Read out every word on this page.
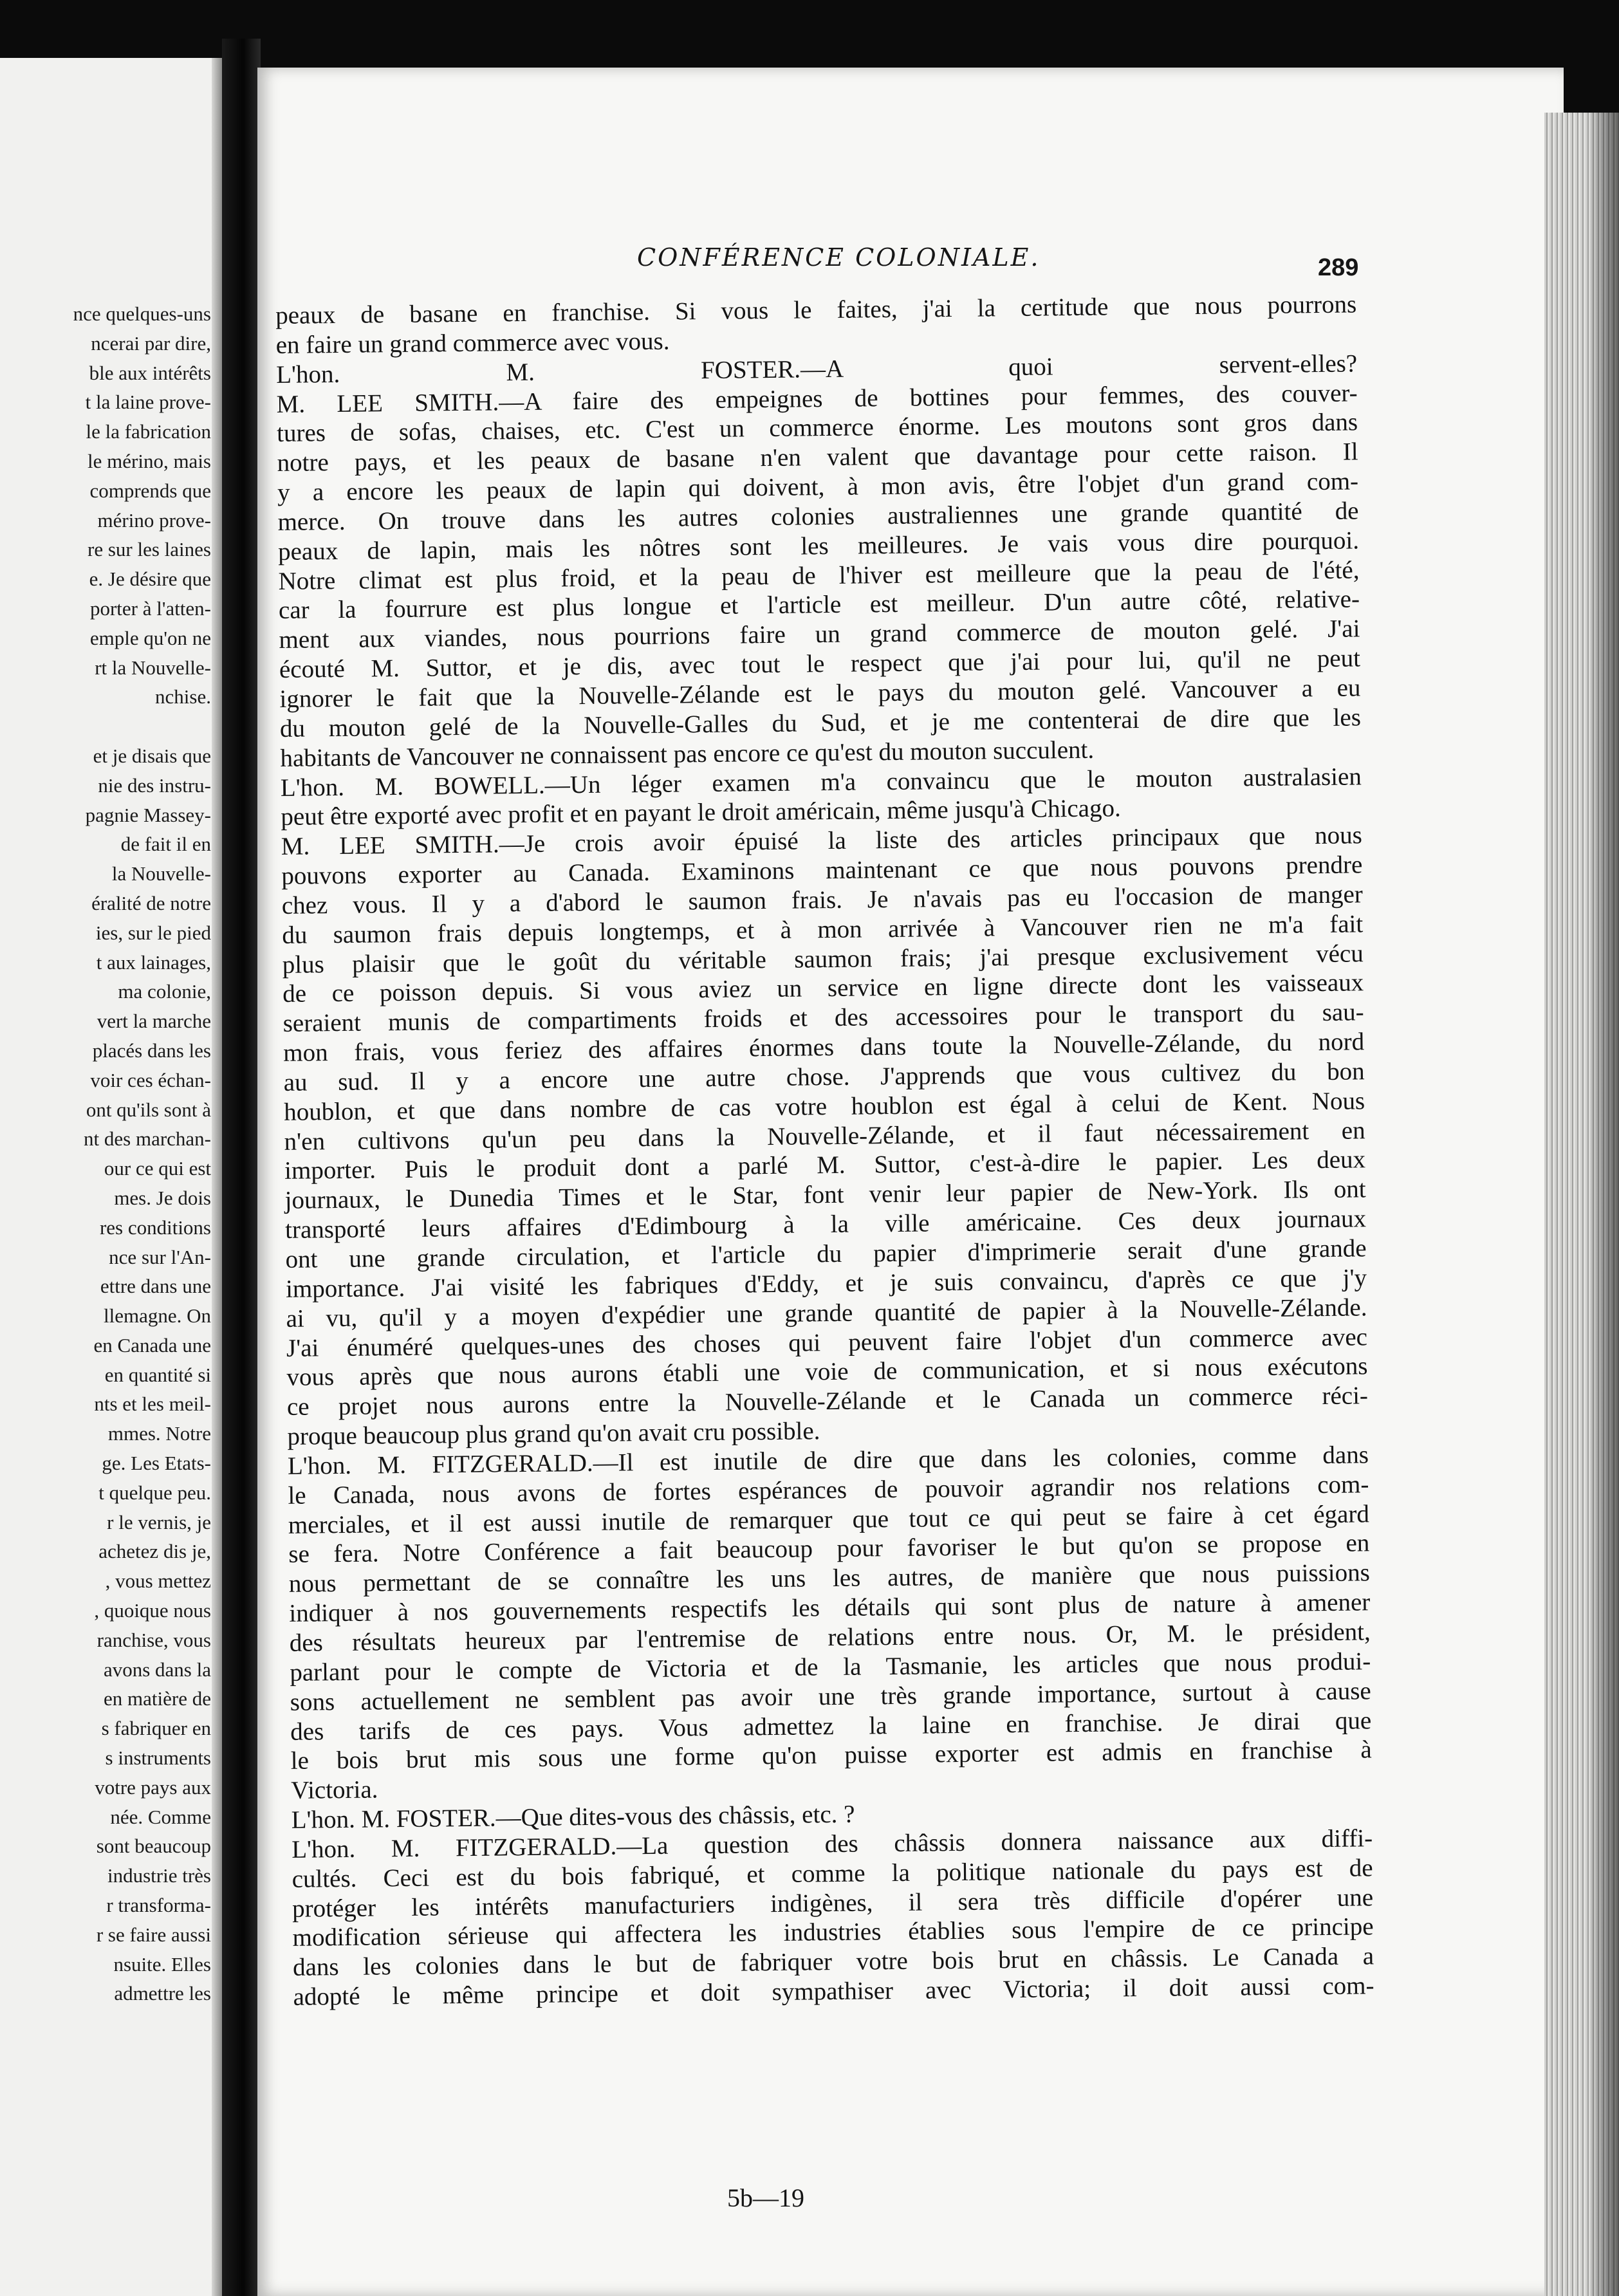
nce quelques-uns
ncerai par dire,
ble aux intérêts
t la laine prove-
le la fabrication
le mérino, mais
comprends que
mérino prove-
re sur les laines
e. Je désire que
porter à l'atten-
emple qu'on ne
rt la Nouvelle-
nchise.
et je disais que
nie des instru-
pagnie Massey-
de fait il en
la Nouvelle-
éralité de notre
ies, sur le pied
t aux lainages,
ma colonie,
vert la marche
placés dans les
voir ces échan-
ont qu'ils sont à
nt des marchan-
our ce qui est
mes. Je dois
res conditions
nce sur l'An-
ettre dans une
llemagne. On
en Canada une
en quantité si
nts et les meil-
mmes. Notre
ge. Les Etats-
t quelque peu.
r le vernis, je
achetez dis je,
, vous mettez
, quoique nous
ranchise, vous
avons dans la
en matière de
s fabriquer en
s instruments
votre pays aux
née. Comme
sont beaucoup
industrie très
r transforma-
r se faire aussi
nsuite. Elles
admettre les
CONFÉRENCE COLONIALE.	289
peaux de basane en franchise. Si vous le faites, j'ai la certitude que nous pourrons
en faire un grand commerce avec vous.
L'hon. M. FOSTER.—A quoi servent-elles?
M. LEE SMITH.—A faire des empeignes de bottines pour femmes, des couver-
tures de sofas, chaises, etc. C'est un commerce énorme. Les moutons sont gros dans
notre pays, et les peaux de basane n'en valent que davantage pour cette raison. Il
y a encore les peaux de lapin qui doivent, à mon avis, être l'objet d'un grand com-
merce. On trouve dans les autres colonies australiennes une grande quantité de
peaux de lapin, mais les nôtres sont les meilleures. Je vais vous dire pourquoi.
Notre climat est plus froid, et la peau de l'hiver est meilleure que la peau de l'été,
car la fourrure est plus longue et l'article est meilleur. D'un autre côté, relative-
ment aux viandes, nous pourrions faire un grand commerce de mouton gelé. J'ai
écouté M. Suttor, et je dis, avec tout le respect que j'ai pour lui, qu'il ne peut
ignorer le fait que la Nouvelle-Zélande est le pays du mouton gelé. Vancouver a eu
du mouton gelé de la Nouvelle-Galles du Sud, et je me contenterai de dire que les
habitants de Vancouver ne connaissent pas encore ce qu'est du mouton succulent.
L'hon. M. BOWELL.—Un léger examen m'a convaincu que le mouton australasien
peut être exporté avec profit et en payant le droit américain, même jusqu'à Chicago.
M. LEE SMITH.—Je crois avoir épuisé la liste des articles principaux que nous
pouvons exporter au Canada. Examinons maintenant ce que nous pouvons prendre
chez vous. Il y a d'abord le saumon frais. Je n'avais pas eu l'occasion de manger
du saumon frais depuis longtemps, et à mon arrivée à Vancouver rien ne m'a fait
plus plaisir que le goût du véritable saumon frais; j'ai presque exclusivement vécu
de ce poisson depuis. Si vous aviez un service en ligne directe dont les vaisseaux
seraient munis de compartiments froids et des accessoires pour le transport du sau-
mon frais, vous feriez des affaires énormes dans toute la Nouvelle-Zélande, du nord
au sud. Il y a encore une autre chose. J'apprends que vous cultivez du bon
houblon, et que dans nombre de cas votre houblon est égal à celui de Kent. Nous
n'en cultivons qu'un peu dans la Nouvelle-Zélande, et il faut nécessairement en
importer. Puis le produit dont a parlé M. Suttor, c'est-à-dire le papier. Les deux
journaux, le Dunedia Times et le Star, font venir leur papier de New-York. Ils ont
transporté leurs affaires d'Edimbourg à la ville américaine. Ces deux journaux
ont une grande circulation, et l'article du papier d'imprimerie serait d'une grande
importance. J'ai visité les fabriques d'Eddy, et je suis convaincu, d'après ce que j'y
ai vu, qu'il y a moyen d'expédier une grande quantité de papier à la Nouvelle-Zélande.
J'ai énuméré quelques-unes des choses qui peuvent faire l'objet d'un commerce avec
vous après que nous aurons établi une voie de communication, et si nous exécutons
ce projet nous aurons entre la Nouvelle-Zélande et le Canada un commerce réci-
proque beaucoup plus grand qu'on avait cru possible.
L'hon. M. FITZGERALD.—Il est inutile de dire que dans les colonies, comme dans
le Canada, nous avons de fortes espérances de pouvoir agrandir nos relations com-
merciales, et il est aussi inutile de remarquer que tout ce qui peut se faire à cet égard
se fera. Notre Conférence a fait beaucoup pour favoriser le but qu'on se propose en
nous permettant de se connaître les uns les autres, de manière que nous puissions
indiquer à nos gouvernements respectifs les détails qui sont plus de nature à amener
des résultats heureux par l'entremise de relations entre nous. Or, M. le président,
parlant pour le compte de Victoria et de la Tasmanie, les articles que nous produi-
sons actuellement ne semblent pas avoir une très grande importance, surtout à cause
des tarifs de ces pays. Vous admettez la laine en franchise. Je dirai que
le bois brut mis sous une forme qu'on puisse exporter est admis en franchise à
Victoria.
L'hon. M. FOSTER.—Que dites-vous des châssis, etc. ?
L'hon. M. FITZGERALD.—La question des châssis donnera naissance aux diffi-
cultés. Ceci est du bois fabriqué, et comme la politique nationale du pays est de
protéger les intérêts manufacturiers indigènes, il sera très difficile d'opérer une
modification sérieuse qui affectera les industries établies sous l'empire de ce principe
dans les colonies dans le but de fabriquer votre bois brut en châssis. Le Canada a
adopté le même principe et doit sympathiser avec Victoria; il doit aussi com-
5b—19
